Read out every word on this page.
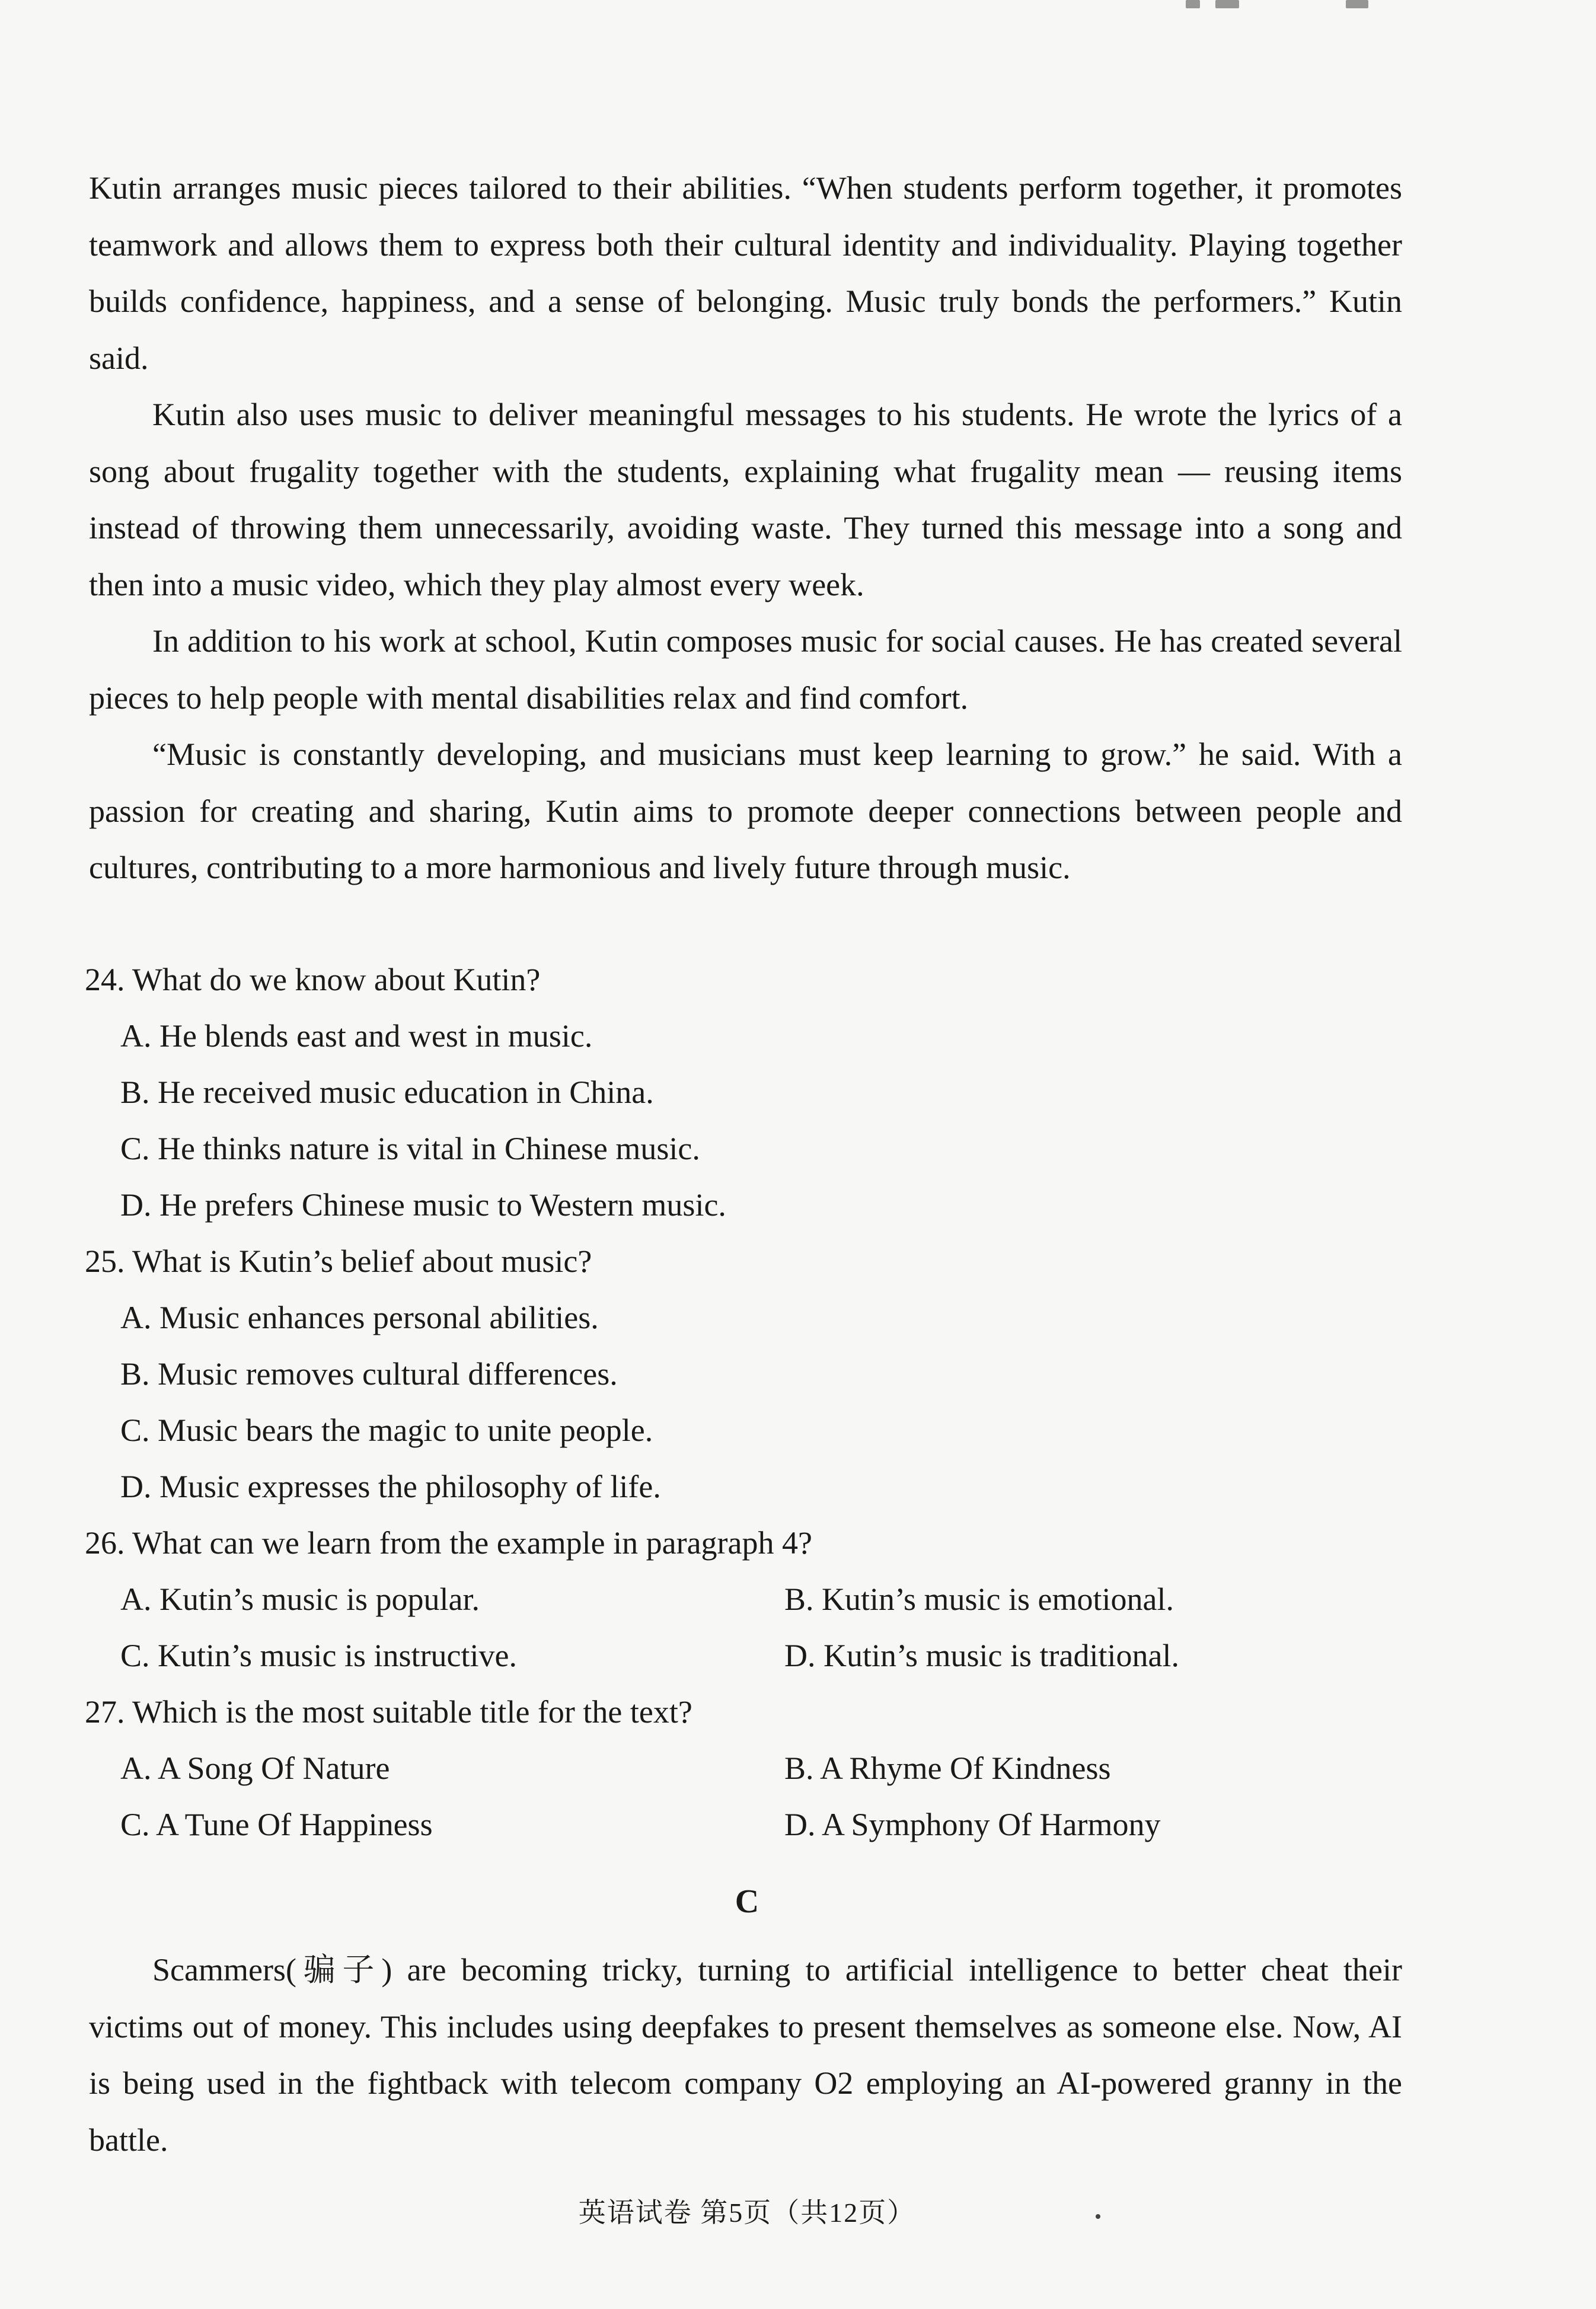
Kutin arranges music pieces tailored to their abilities. “When students perform together, it promotes teamwork and allows them to express both their cultural identity and individuality. Playing together builds confidence, happiness, and a sense of belonging. Music truly bonds the performers.” Kutin said.

Kutin also uses music to deliver meaningful messages to his students. He wrote the lyrics of a song about frugality together with the students, explaining what frugality mean — reusing items instead of throwing them unnecessarily, avoiding waste. They turned this message into a song and then into a music video, which they play almost every week.

In addition to his work at school, Kutin composes music for social causes. He has created several pieces to help people with mental disabilities relax and find comfort.

“Music is constantly developing, and musicians must keep learning to grow.” he said. With a passion for creating and sharing, Kutin aims to promote deeper connections between people and cultures, contributing to a more harmonious and lively future through music.

24. What do we know about Kutin?

A. He blends east and west in music.

B. He received music education in China.

C. He thinks nature is vital in Chinese music.

D. He prefers Chinese music to Western music.

25. What is Kutin’s belief about music?

A. Music enhances personal abilities.

B. Music removes cultural differences.

C. Music bears the magic to unite people.

D. Music expresses the philosophy of life.

26. What can we learn from the example in paragraph 4?

A. Kutin’s music is popular.	B. Kutin’s music is emotional.
C. Kutin’s music is instructive.	D. Kutin’s music is traditional.

27. Which is the most suitable title for the text?

A. A Song Of Nature	B. A Rhyme Of Kindness
C. A Tune Of Happiness	D. A Symphony Of Harmony
C

Scammers(骗子) are becoming tricky, turning to artificial intelligence to better cheat their victims out of money. This includes using deepfakes to present themselves as someone else. Now, AI is being used in the fightback with telecom company O2 employing an AI-powered granny in the battle.

英语试卷 第5页（共12页）
